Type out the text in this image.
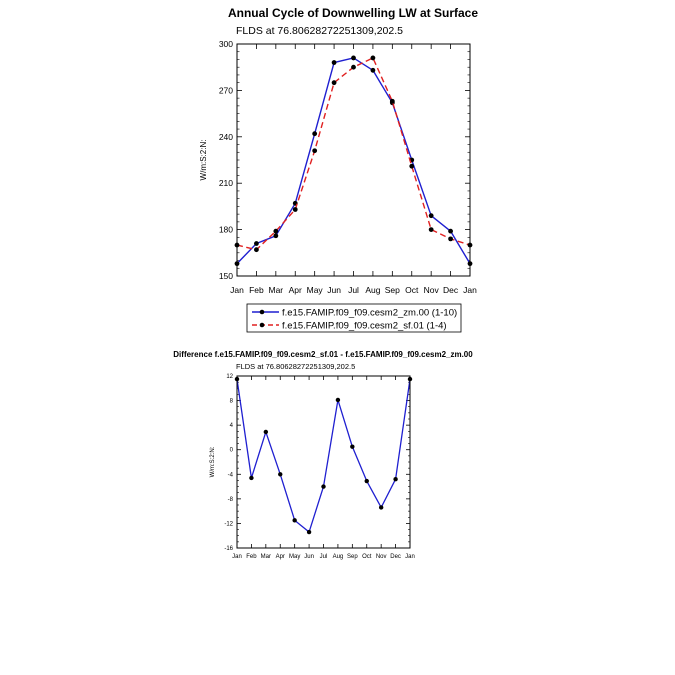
Annual Cycle of Downwelling LW at Surface
FLDS at 76.80628272251309,202.5
W/m:S:2:N:
150
180
210
240
270
300
Jan Feb Mar Apr May Jun Jul Aug Sep Oct Nov Dec Jan
f.e15.FAMIP.f09_f09.cesm2_zm.00 (1-10)
f.e15.FAMIP.f09_f09.cesm2_sf.01 (1-4)
Difference f.e15.FAMIP.f09_f09.cesm2_sf.01 - f.e15.FAMIP.f09_f09.cesm2_zm.00
FLDS at 76.80628272251309,202.5
W/m:S:2:N:
-16
-12
-8
-4
0
4
8
12
Jan Feb Mar Apr May Jun Jul Aug Sep Oct Nov Dec Jan
